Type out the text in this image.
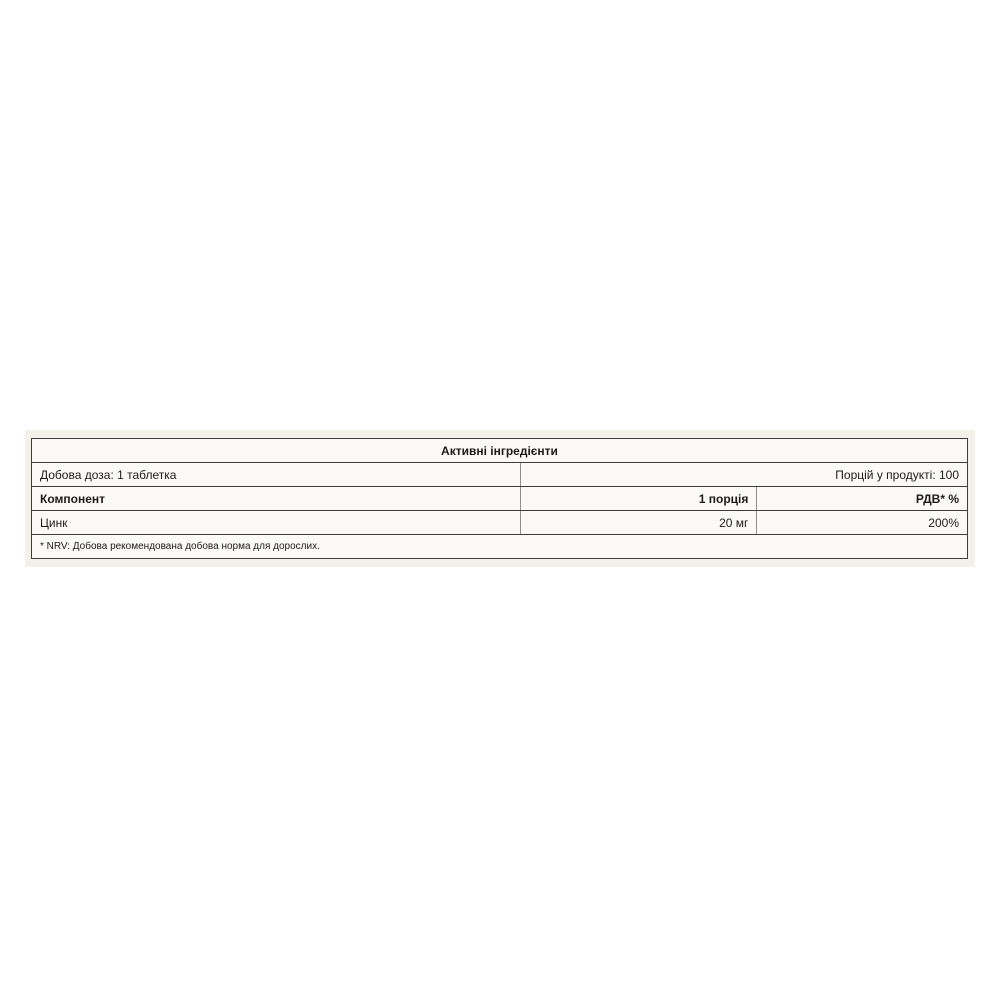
Активні інгредієнти		
Добова доза: 1 таблетка	Порцій у продукті: 100	
Компонент	1 порція	РДВ* %
Цинк	20 мг	200%
* NRV: Добова рекомендована добова норма для дорослих.		
